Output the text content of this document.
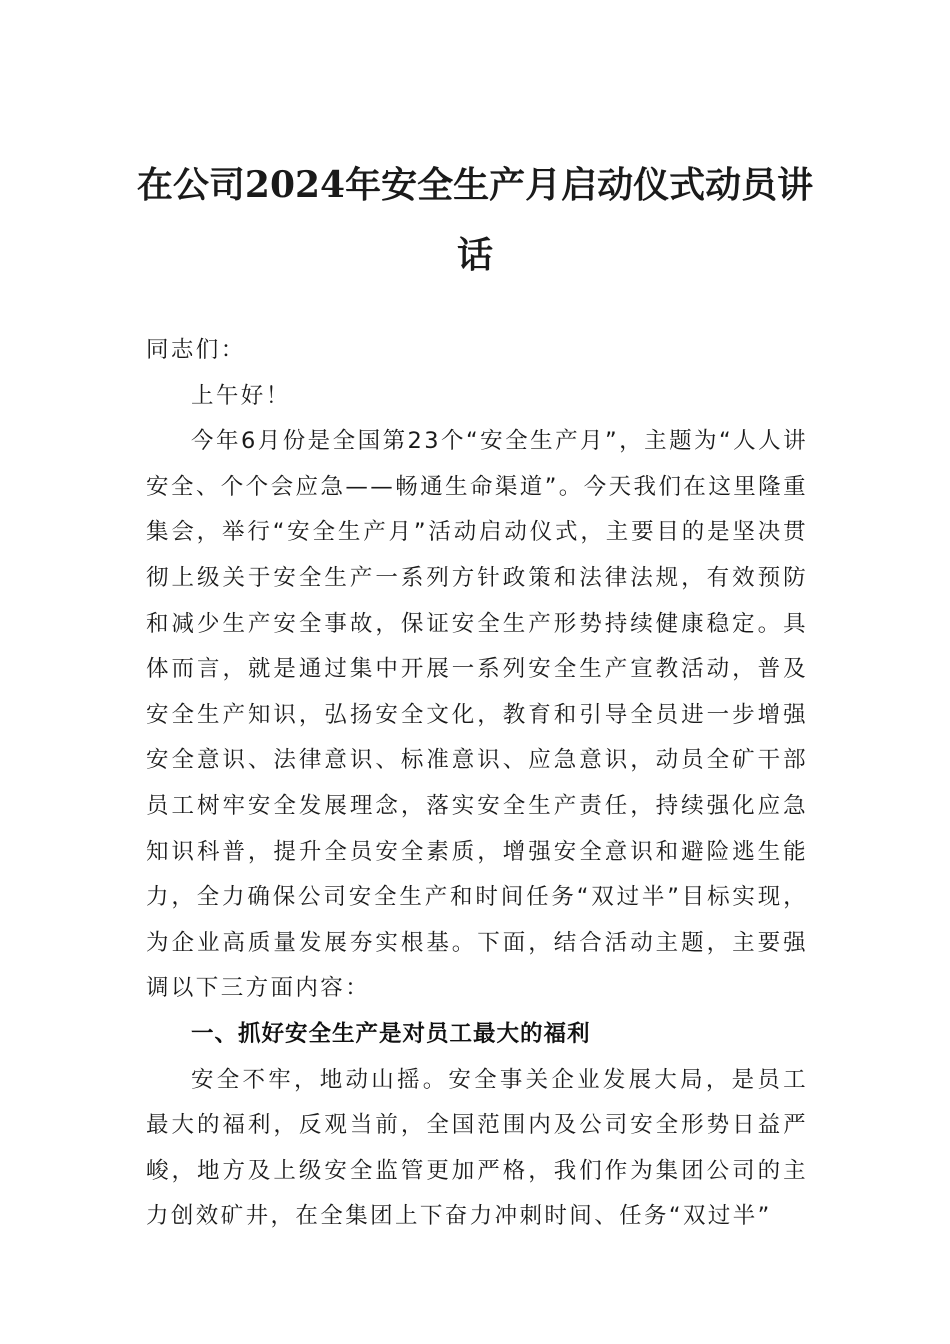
在公司2024年安全生产月启动仪式动员讲话

同志们：

上午好！

今年6月份是全国第23个“安全生产月”，主题为“人人讲安全、个个会应急——畅通生命渠道”。今天我们在这里隆重集会，举行“安全生产月”活动启动仪式，主要目的是坚决贯彻上级关于安全生产一系列方针政策和法律法规，有效预防和减少生产安全事故，保证安全生产形势持续健康稳定。具体而言，就是通过集中开展一系列安全生产宣教活动，普及安全生产知识，弘扬安全文化，教育和引导全员进一步增强安全意识、法律意识、标准意识、应急意识，动员全矿干部员工树牢安全发展理念，落实安全生产责任，持续强化应急知识科普，提升全员安全素质，增强安全意识和避险逃生能力，全力确保公司安全生产和时间任务“双过半”目标实现，为企业高质量发展夯实根基。下面，结合活动主题，主要强调以下三方面内容：

一、抓好安全生产是对员工最大的福利

安全不牢，地动山摇。安全事关企业发展大局，是员工最大的福利，反观当前，全国范围内及公司安全形势日益严峻，地方及上级安全监管更加严格，我们作为集团公司的主力创效矿井，在全集团上下奋力冲刺时间、任务“双过半”
